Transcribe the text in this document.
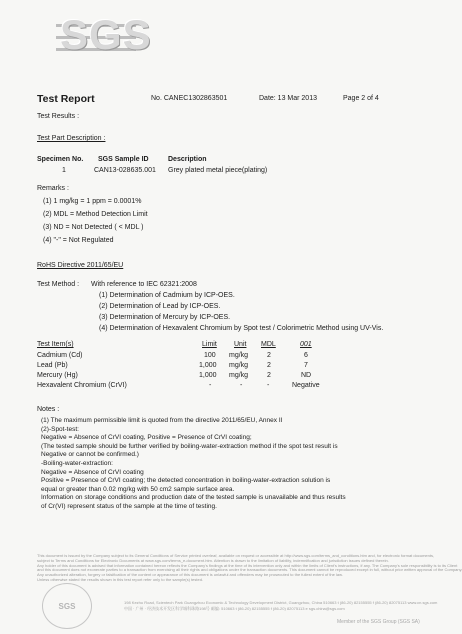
SGS
Test Report	No. CANEC1302863501	Date: 13 Mar 2013	Page 2 of 4
Test Results :
Test Part Description :
Specimen No. SGS Sample ID	Description
1	CAN13-028635.001 Grey plated metal piece(plating)
Remarks :
(1) 1 mg/kg = 1 ppm = 0.0001%
(2) MDL = Method Detection Limit
(3) ND = Not Detected ( < MDL )
(4) "-" = Not Regulated
RoHS Directive 2011/65/EU
Test Method : With reference to IEC 62321:2008
(1) Determination of Cadmium by ICP-OES.
(2) Determination of Lead by ICP-OES.
(3) Determination of Mercury by ICP-OES.
(4) Determination of Hexavalent Chromium by Spot test / Colorimetric Method using UV-Vis.
Test Item(s)	Limit Unit MDL	001
Cadmium (Cd)	100 mg/kg	2	6
Lead (Pb)	1,000 mg/kg	2	7
Mercury (Hg)	1,000 mg/kg	2	ND
Hexavalent Chromium (CrVI)	-	-	-	Negative
Notes :
(1) The maximum permissible limit is quoted from the directive 2011/65/EU, Annex II
(2)-Spot-test:
Negative = Absence of CrVI coating, Positive = Presence of CrVI coating;
(The tested sample should be further verified by boiling-water-extraction method if the spot test result is
Negative or cannot be confirmed.)
-Boiling-water-extraction:
Negative = Absence of CrVI coating
Positive = Presence of CrVI coating; the detected concentration in boiling-water-extraction solution is
equal or greater than 0.02 mg/kg with 50 cm2 sample surface area.
Information on storage conditions and production date of the tested sample is unavailable and thus results
of Cr(VI) represent status of the sample at the time of testing.
This document is issued by the Company subject to its General Conditions of Service printed overleaf, available on request or accessible at http://www.sgs.com/terms_and_conditions.htm and, for electronic format documents,
subject to Terms and Conditions for Electronic Documents at www.sgs.com/terms_e-document.htm. Attention is drawn to the limitation of liability, indemnification and jurisdiction issues defined therein.
Any holder of this document is advised that information contained hereon reflects the Company's findings at the time of its intervention only and within the limits of Client's instructions, if any. The Company's sole responsibility is to its Client
and this document does not exonerate parties to a transaction from exercising all their rights and obligations under the transaction documents. This document cannot be reproduced except in full, without prior written approval of the Company.
Any unauthorized alteration, forgery or falsification of the content or appearance of this document is unlawful and offenders may be prosecuted to the fullest extent of the law.
Unless otherwise stated the results shown in this test report refer only to the sample(s) tested.
SGS	198 Kezhu Road, Scientech Park Guangzhou Economic & Technology Development District, Guangzhou, China 510663 t (86-20) 82155555 f (86-20) 82075113 www.cn.sgs.com
中国 · 广州 · 经济技术开发区科学城科珠路198号 邮编: 510663 t (86-20) 82155555 f (86-20) 82075113 e sgs.china@sgs.com
Member of the SGS Group (SGS SA)
